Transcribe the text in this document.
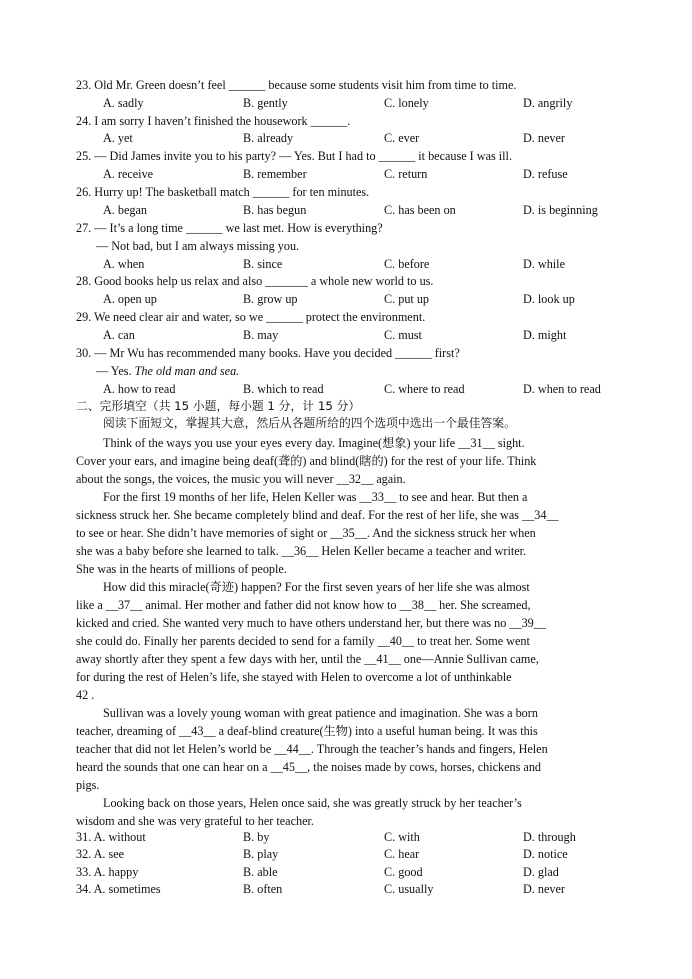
23. Old Mr. Green doesn’t feel ______ because some students visit him from time to time.
A. sadly	B. gently	C. lonely	D. angrily
24. I am sorry I haven’t finished the housework ______.
A. yet	B. already	C. ever	D. never
25. — Did James invite you to his party? — Yes. But I had to ______ it because I was ill.
A. receive	B. remember	C. return	D. refuse
26. Hurry up! The basketball match ______ for ten minutes.
A. began	B. has begun	C. has been on	D. is beginning
27. — It’s a long time ______ we last met. How is everything?
— Not bad, but I am always missing you.
A. when	B. since	C. before	D. while
28. Good books help us relax and also _______ a whole new world to us.
A. open up	B. grow up	C. put up	D. look up
29. We need clear air and water, so we ______ protect the environment.
A. can	B. may	C. must	D. might
30. — Mr Wu has recommended many books. Have you decided ______ first?
— Yes. The old man and sea.
A. how to read	B. which to read	C. where to read	D. when to read
二、完形填空（共 15 小题，每小题 1 分，计 15 分）
阅读下面短文，掌握其大意，然后从各题所给的四个选项中选出一个最佳答案。
Think of the ways you use your eyes every day. Imagine(想象) your life __31__ sight.
Cover your ears, and imagine being deaf(聋的) and blind(瞎的) for the rest of your life. Think
about the songs, the voices, the music you will never __32__ again.
For the first 19 months of her life, Helen Keller was __33__ to see and hear. But then a
sickness struck her. She became completely blind and deaf. For the rest of her life, she was __34__
to see or hear. She didn’t have memories of sight or __35__. And the sickness struck her when
she was a baby before she learned to talk. __36__ Helen Keller became a teacher and writer.
She was in the hearts of millions of people.
How did this miracle(奇迹) happen? For the first seven years of her life she was almost
like a __37__ animal. Her mother and father did not know how to __38__ her. She screamed,
kicked and cried. She wanted very much to have others understand her, but there was no __39__
she could do. Finally her parents decided to send for a family __40__ to treat her. Some went
away shortly after they spent a few days with her, until the __41__ one—Annie Sullivan came,
for during the rest of Helen’s life, she stayed with Helen to overcome a lot of unthinkable
42 .
Sullivan was a lovely young woman with great patience and imagination. She was a born
teacher, dreaming of __43__ a deaf-blind creature(生物) into a useful human being. It was this
teacher that did not let Helen’s world be __44__. Through the teacher’s hands and fingers, Helen
heard the sounds that one can hear on a __45__, the noises made by cows, horses, chickens and
pigs.
Looking back on those years, Helen once said, she was greatly struck by her teacher’s
wisdom and she was very grateful to her teacher.
31. A. without	B. by	C. with	D. through
32. A. see	B. play	C. hear	D. notice
33. A. happy	B. able	C. good	D. glad
34. A. sometimes	B. often	C. usually	D. never
